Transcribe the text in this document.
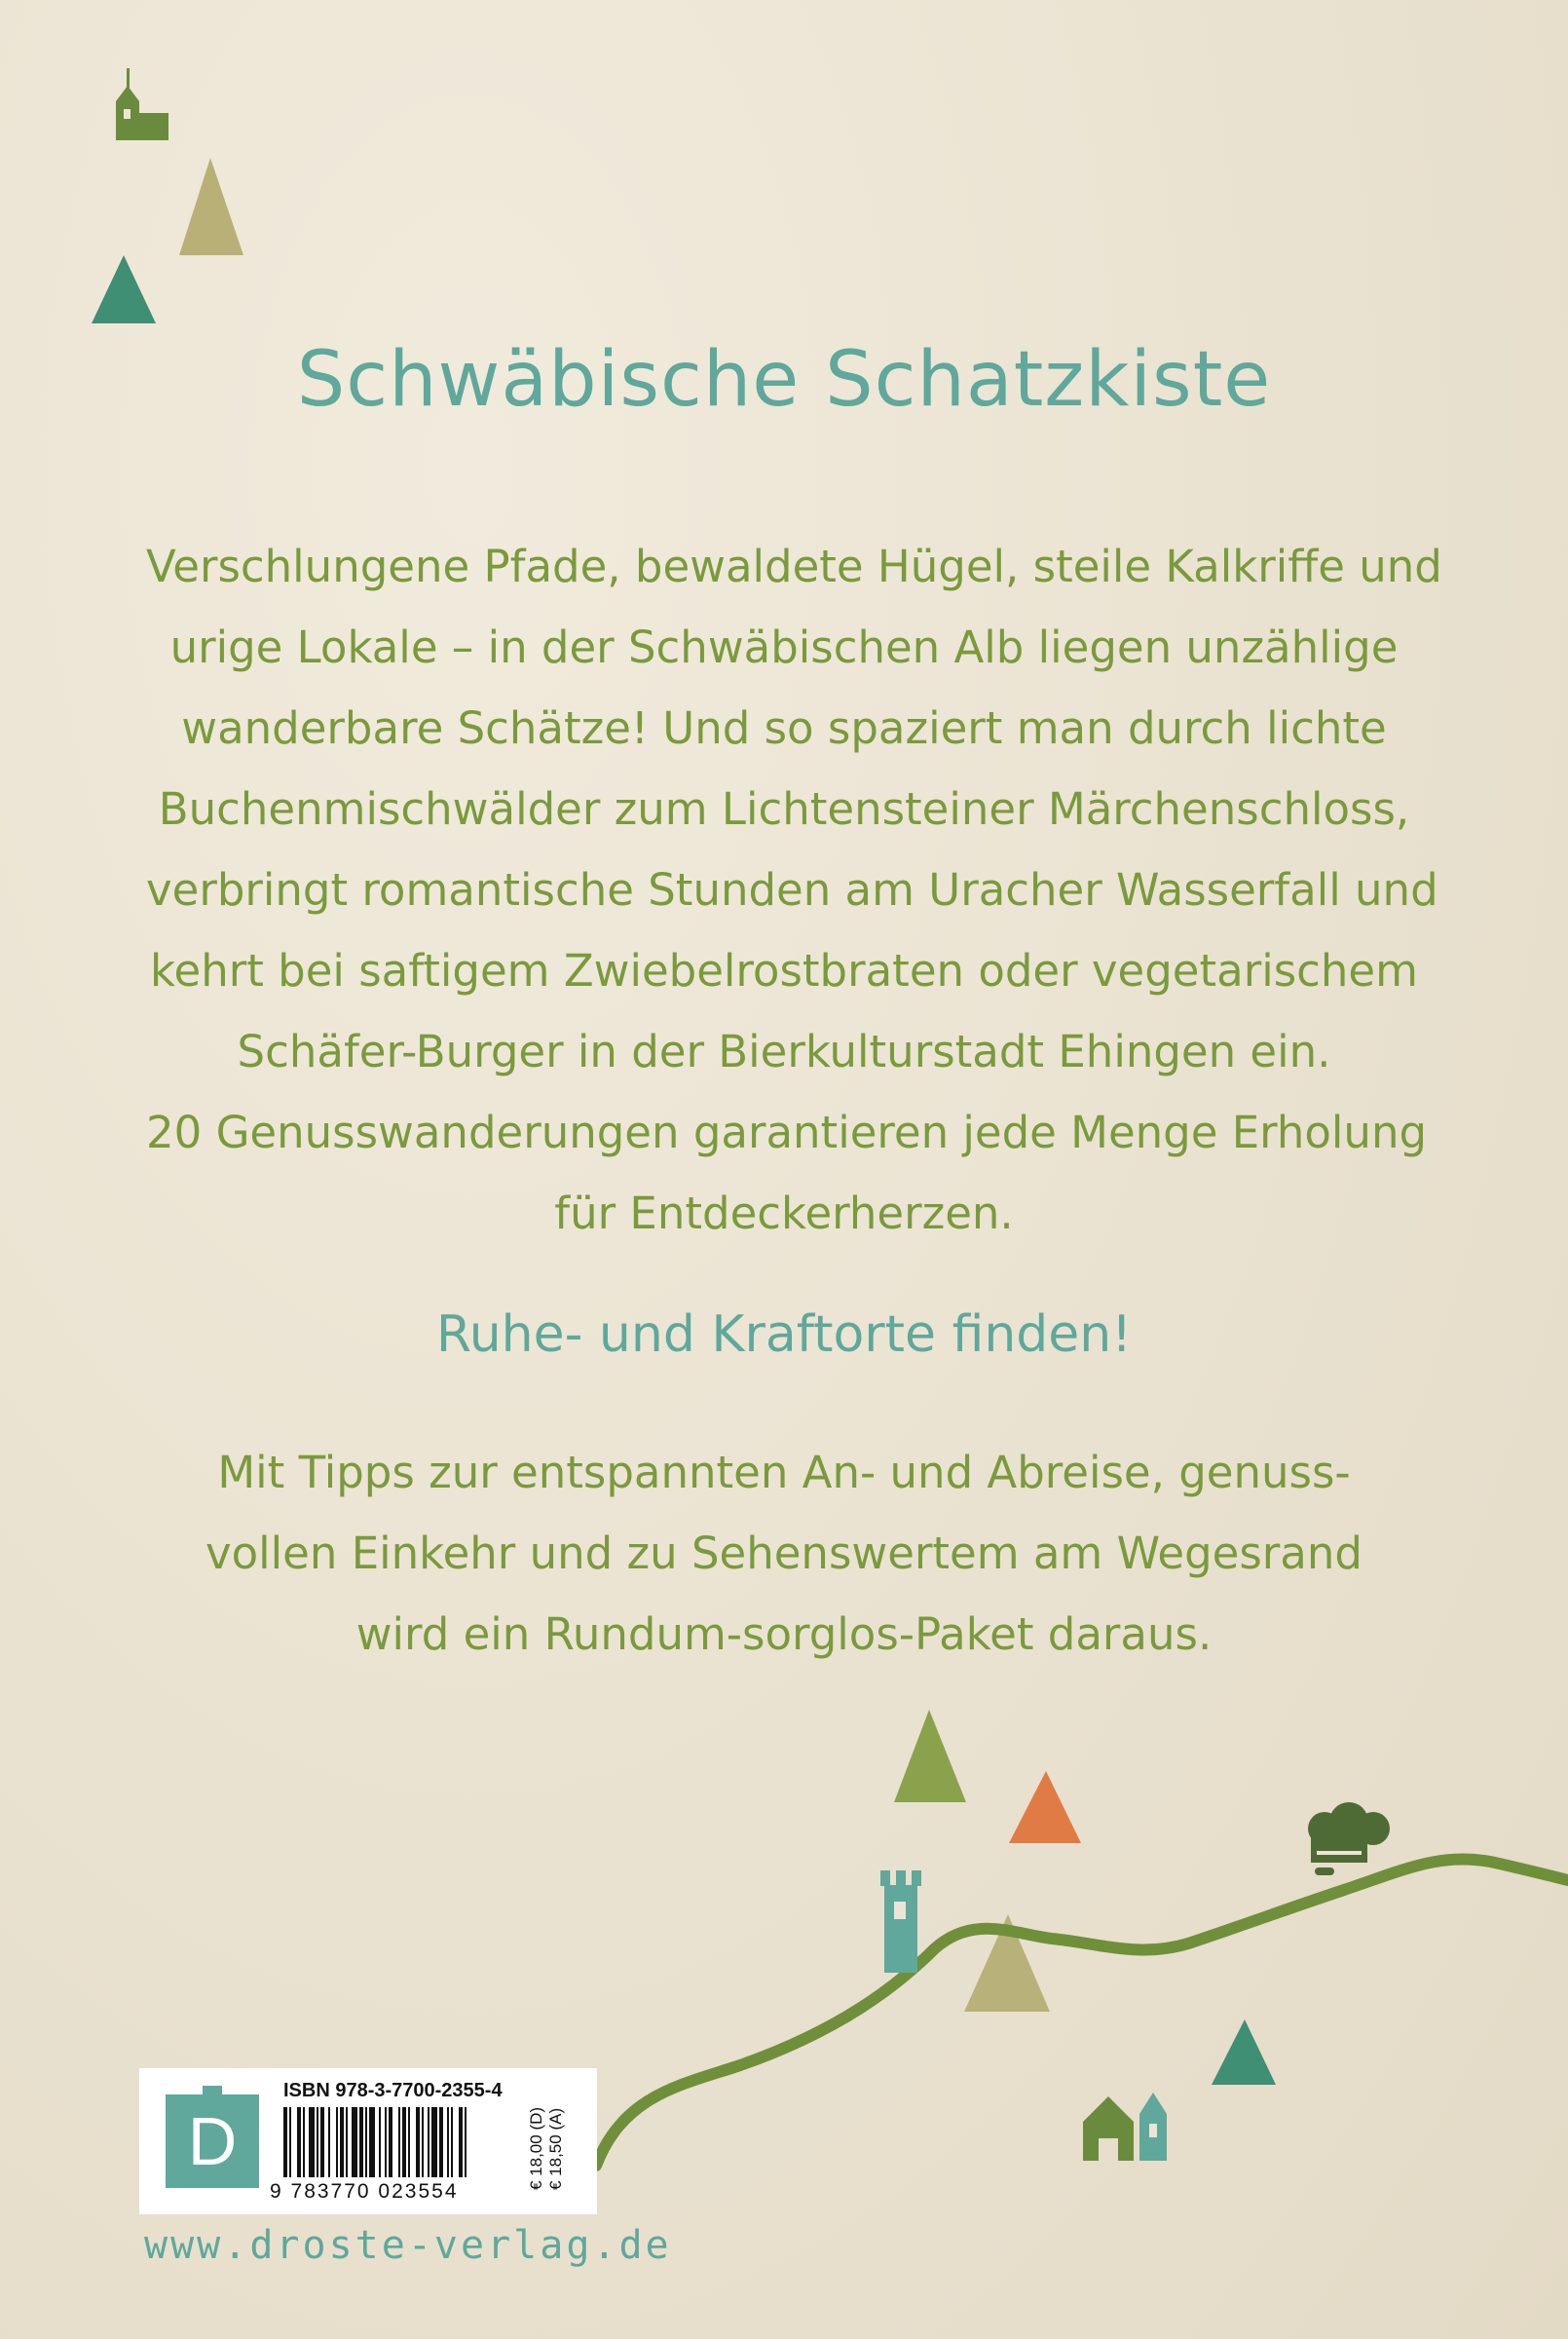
Schwäbische Schatzkiste
Verschlungene Pfade, bewaldete Hügel, steile Kalkriffe und
urige Lokale – in der Schwäbischen Alb liegen unzählige
wanderbare Schätze! Und so spaziert man durch lichte
Buchenmischwälder zum Lichtensteiner Märchenschloss,
verbringt romantische Stunden am Uracher Wasserfall und
kehrt bei saftigem Zwiebelrostbraten oder vegetarischem
Schäfer-Burger in der Bierkulturstadt Ehingen ein.
20 Genusswanderungen garantieren jede Menge Erholung
für Entdeckerherzen.
Ruhe- und Kraftorte finden!
Mit Tipps zur entspannten An- und Abreise, genuss-
vollen Einkehr und zu Sehenswertem am Wegesrand
wird ein Rundum-sorglos-Paket daraus.
D
ISBN 978-3-7700-2355-4
9 783770 023554
€ 18,00 (D) € 18,50 (A)
www.droste-verlag.de
